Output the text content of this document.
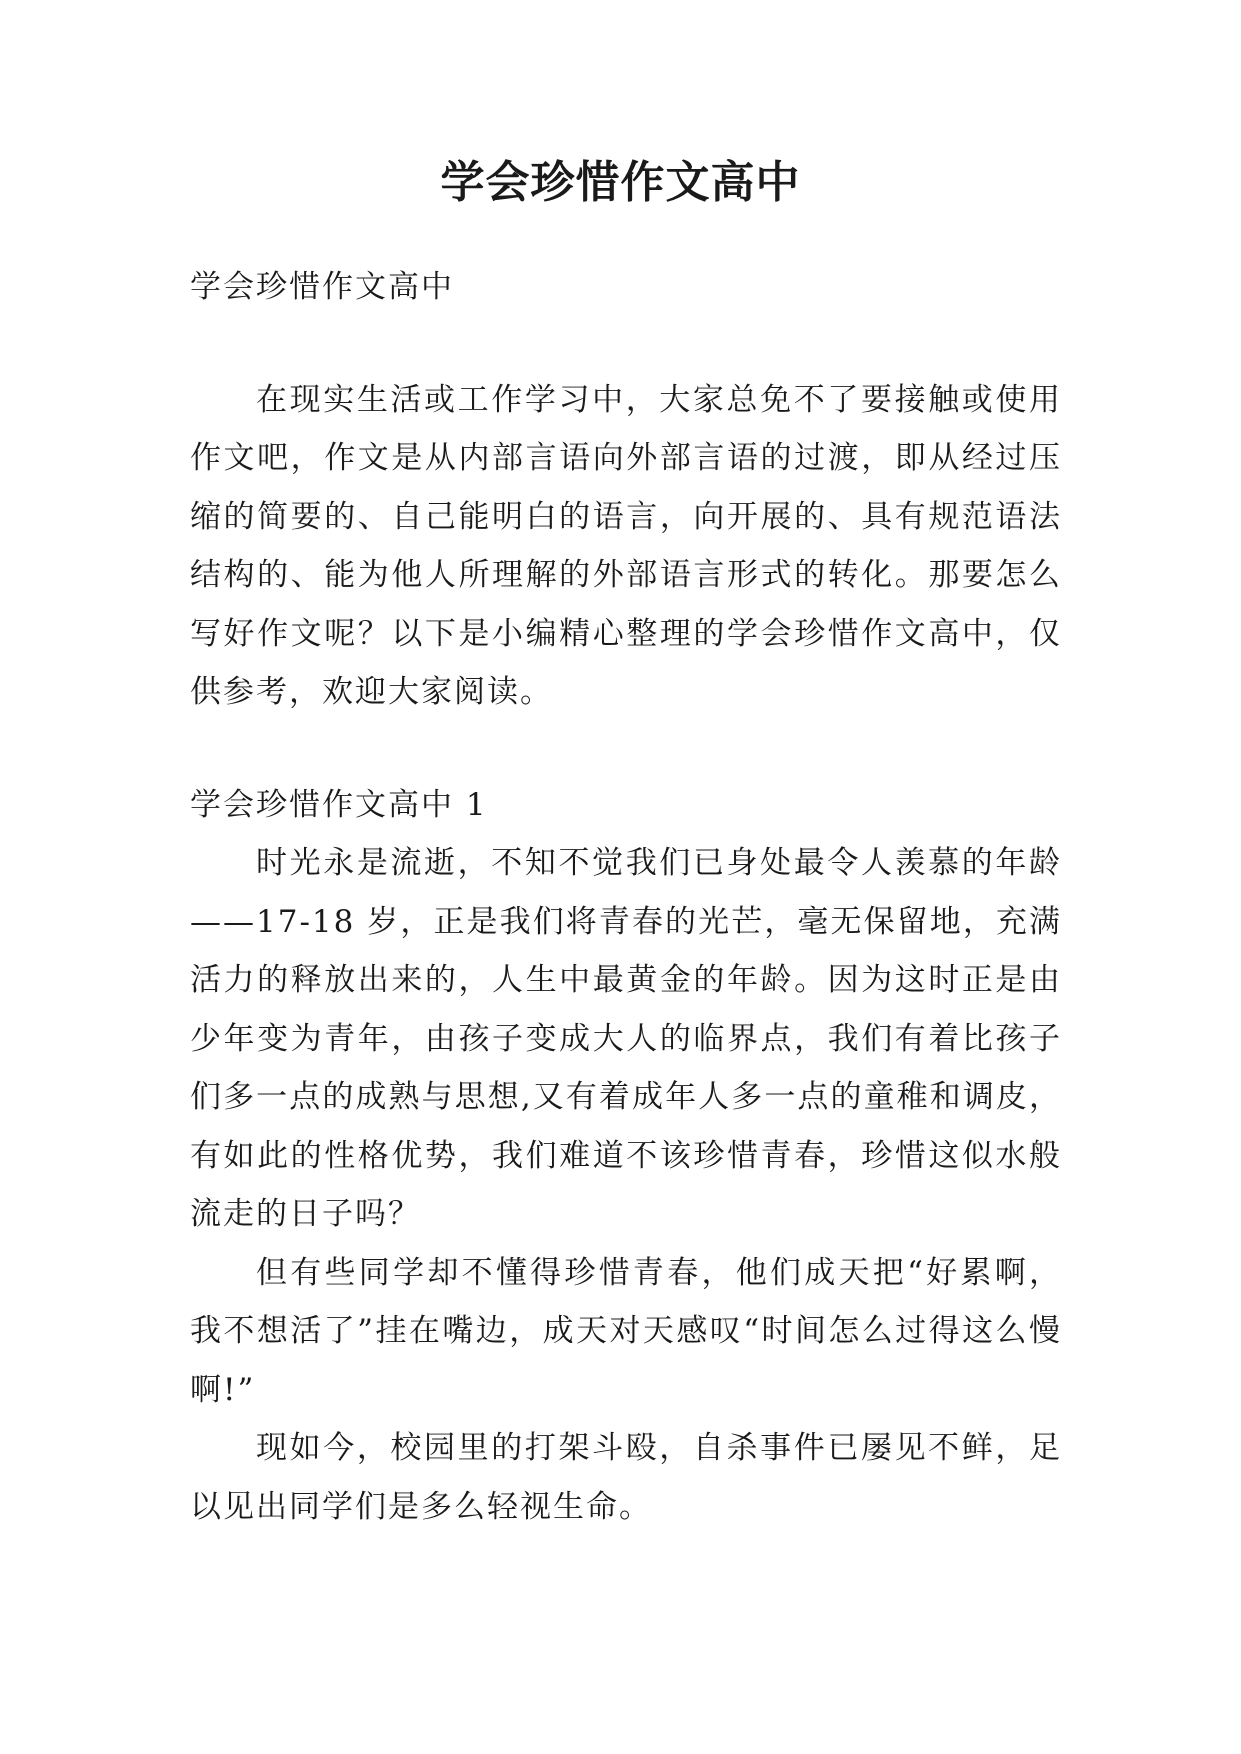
学会珍惜作文高中

学会珍惜作文高中

在现实生活或工作学习中，大家总免不了要接触或使用作文吧，作文是从内部言语向外部言语的过渡，即从经过压缩的简要的、自己能明白的语言，向开展的、具有规范语法结构的、能为他人所理解的外部语言形式的转化。那要怎么写好作文呢？以下是小编精心整理的学会珍惜作文高中，仅供参考，欢迎大家阅读。

学会珍惜作文高中 1

时光永是流逝，不知不觉我们已身处最令人羡慕的年龄——17-18 岁，正是我们将青春的光芒，毫无保留地，充满活力的释放出来的，人生中最黄金的年龄。因为这时正是由少年变为青年，由孩子变成大人的临界点，我们有着比孩子们多一点的成熟与思想,又有着成年人多一点的童稚和调皮，有如此的性格优势，我们难道不该珍惜青春，珍惜这似水般流走的日子吗？

但有些同学却不懂得珍惜青春，他们成天把“好累啊，我不想活了”挂在嘴边，成天对天感叹“时间怎么过得这么慢啊!”

现如今，校园里的打架斗殴，自杀事件已屡见不鲜，足以见出同学们是多么轻视生命。
